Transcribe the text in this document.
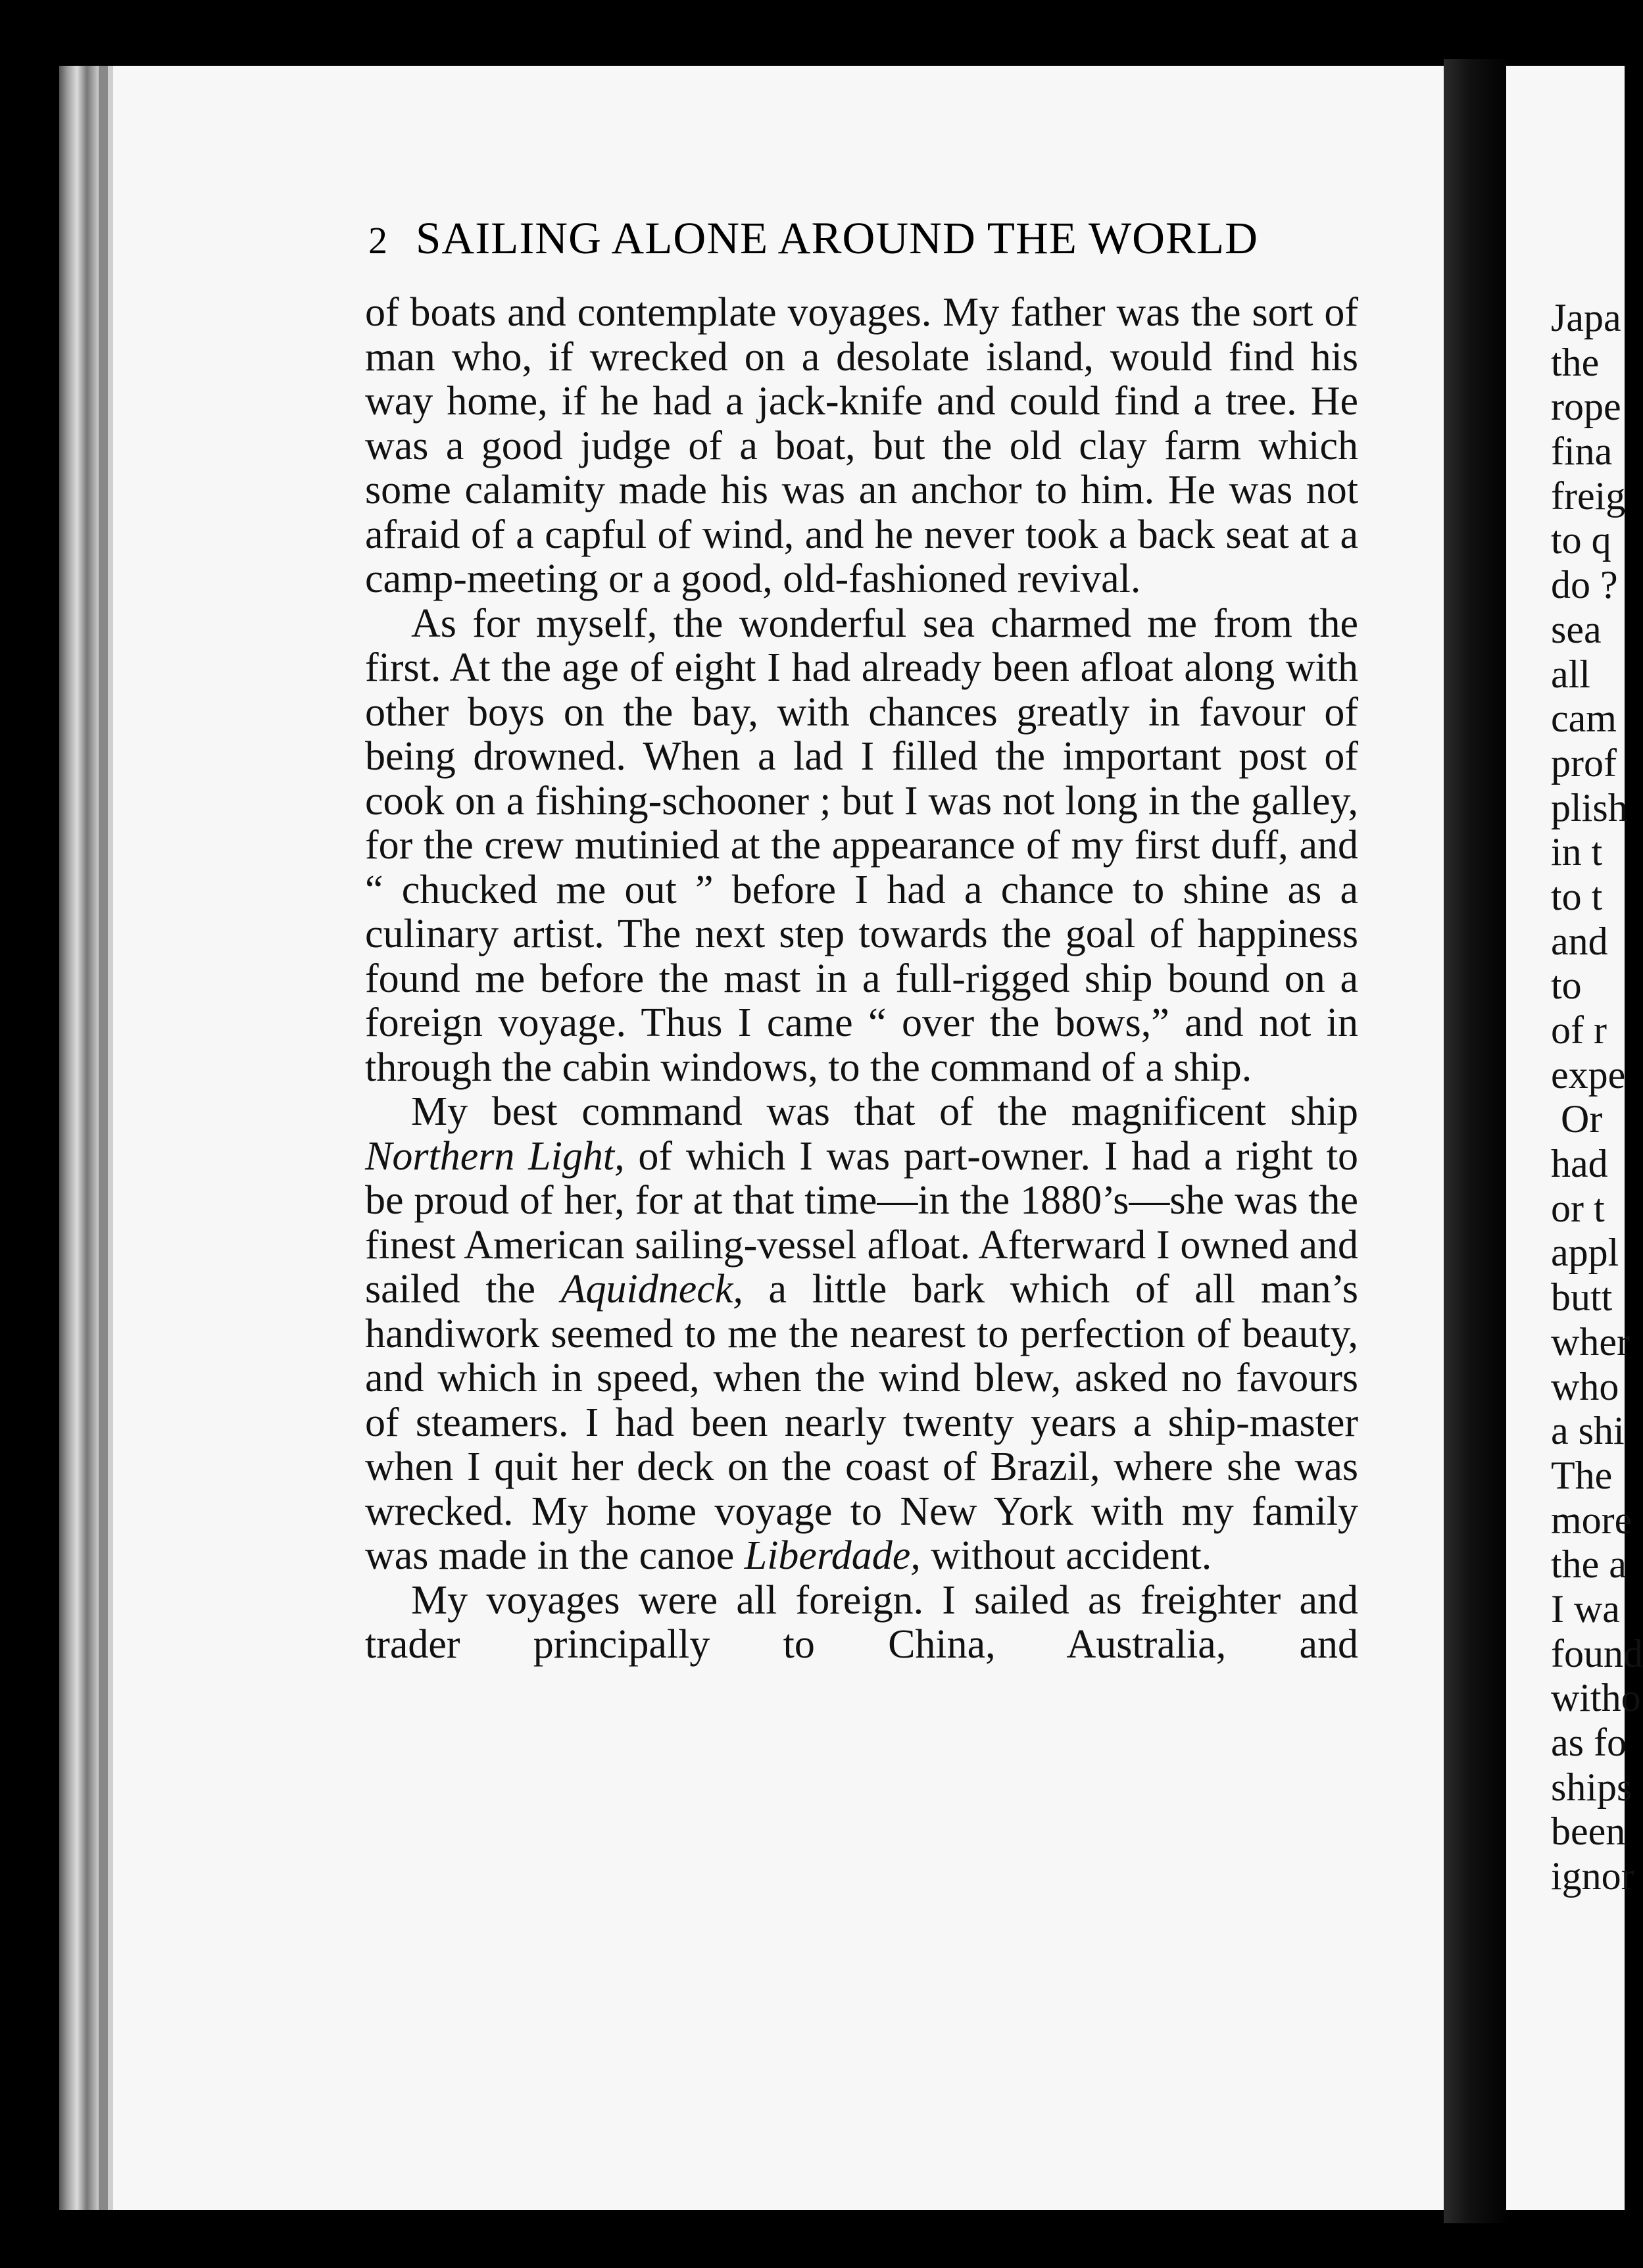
Japa
the
rope
fina
freig
to q
do ?
sea
all
cam
prof
plish
in t
to t
and
to
of r
expe
Or
had
or t
appl
butt
wher
who
a shi
The
more
the a
I wa
found
witho
as fo
ships
been
ignor
2 SAILING ALONE AROUND THE WORLD

of boats and contemplate voyages. My father was the sort of man who, if wrecked on a desolate island, would find his way home, if he had a jack-knife and could find a tree. He was a good judge of a boat, but the old clay farm which some calamity made his was an anchor to him. He was not afraid of a capful of wind, and he never took a back seat at a camp-meeting or a good, old-fashioned revival.

As for myself, the wonderful sea charmed me from the first. At the age of eight I had already been afloat along with other boys on the bay, with chances greatly in favour of being drowned. When a lad I filled the important post of cook on a fishing-schooner ; but I was not long in the galley, for the crew mutinied at the appearance of my first duff, and “ chucked me out ” before I had a chance to shine as a culinary artist. The next step towards the goal of happiness found me before the mast in a full-rigged ship bound on a foreign voyage. Thus I came “ over the bows,” and not in through the cabin windows, to the command of a ship.

My best command was that of the magnificent ship Northern Light, of which I was part-owner. I had a right to be proud of her, for at that time—in the 1880’s—she was the finest American sailing-vessel afloat. Afterward I owned and sailed the Aquidneck, a little bark which of all man’s handiwork seemed to me the nearest to perfection of beauty, and which in speed, when the wind blew, asked no favours of steamers. I had been nearly twenty years a ship-master when I quit her deck on the coast of Brazil, where she was wrecked. My home voyage to New York with my family was made in the canoe Liberdade, without accident.

My voyages were all foreign. I sailed as freighter and trader principally to China, Australia, and
